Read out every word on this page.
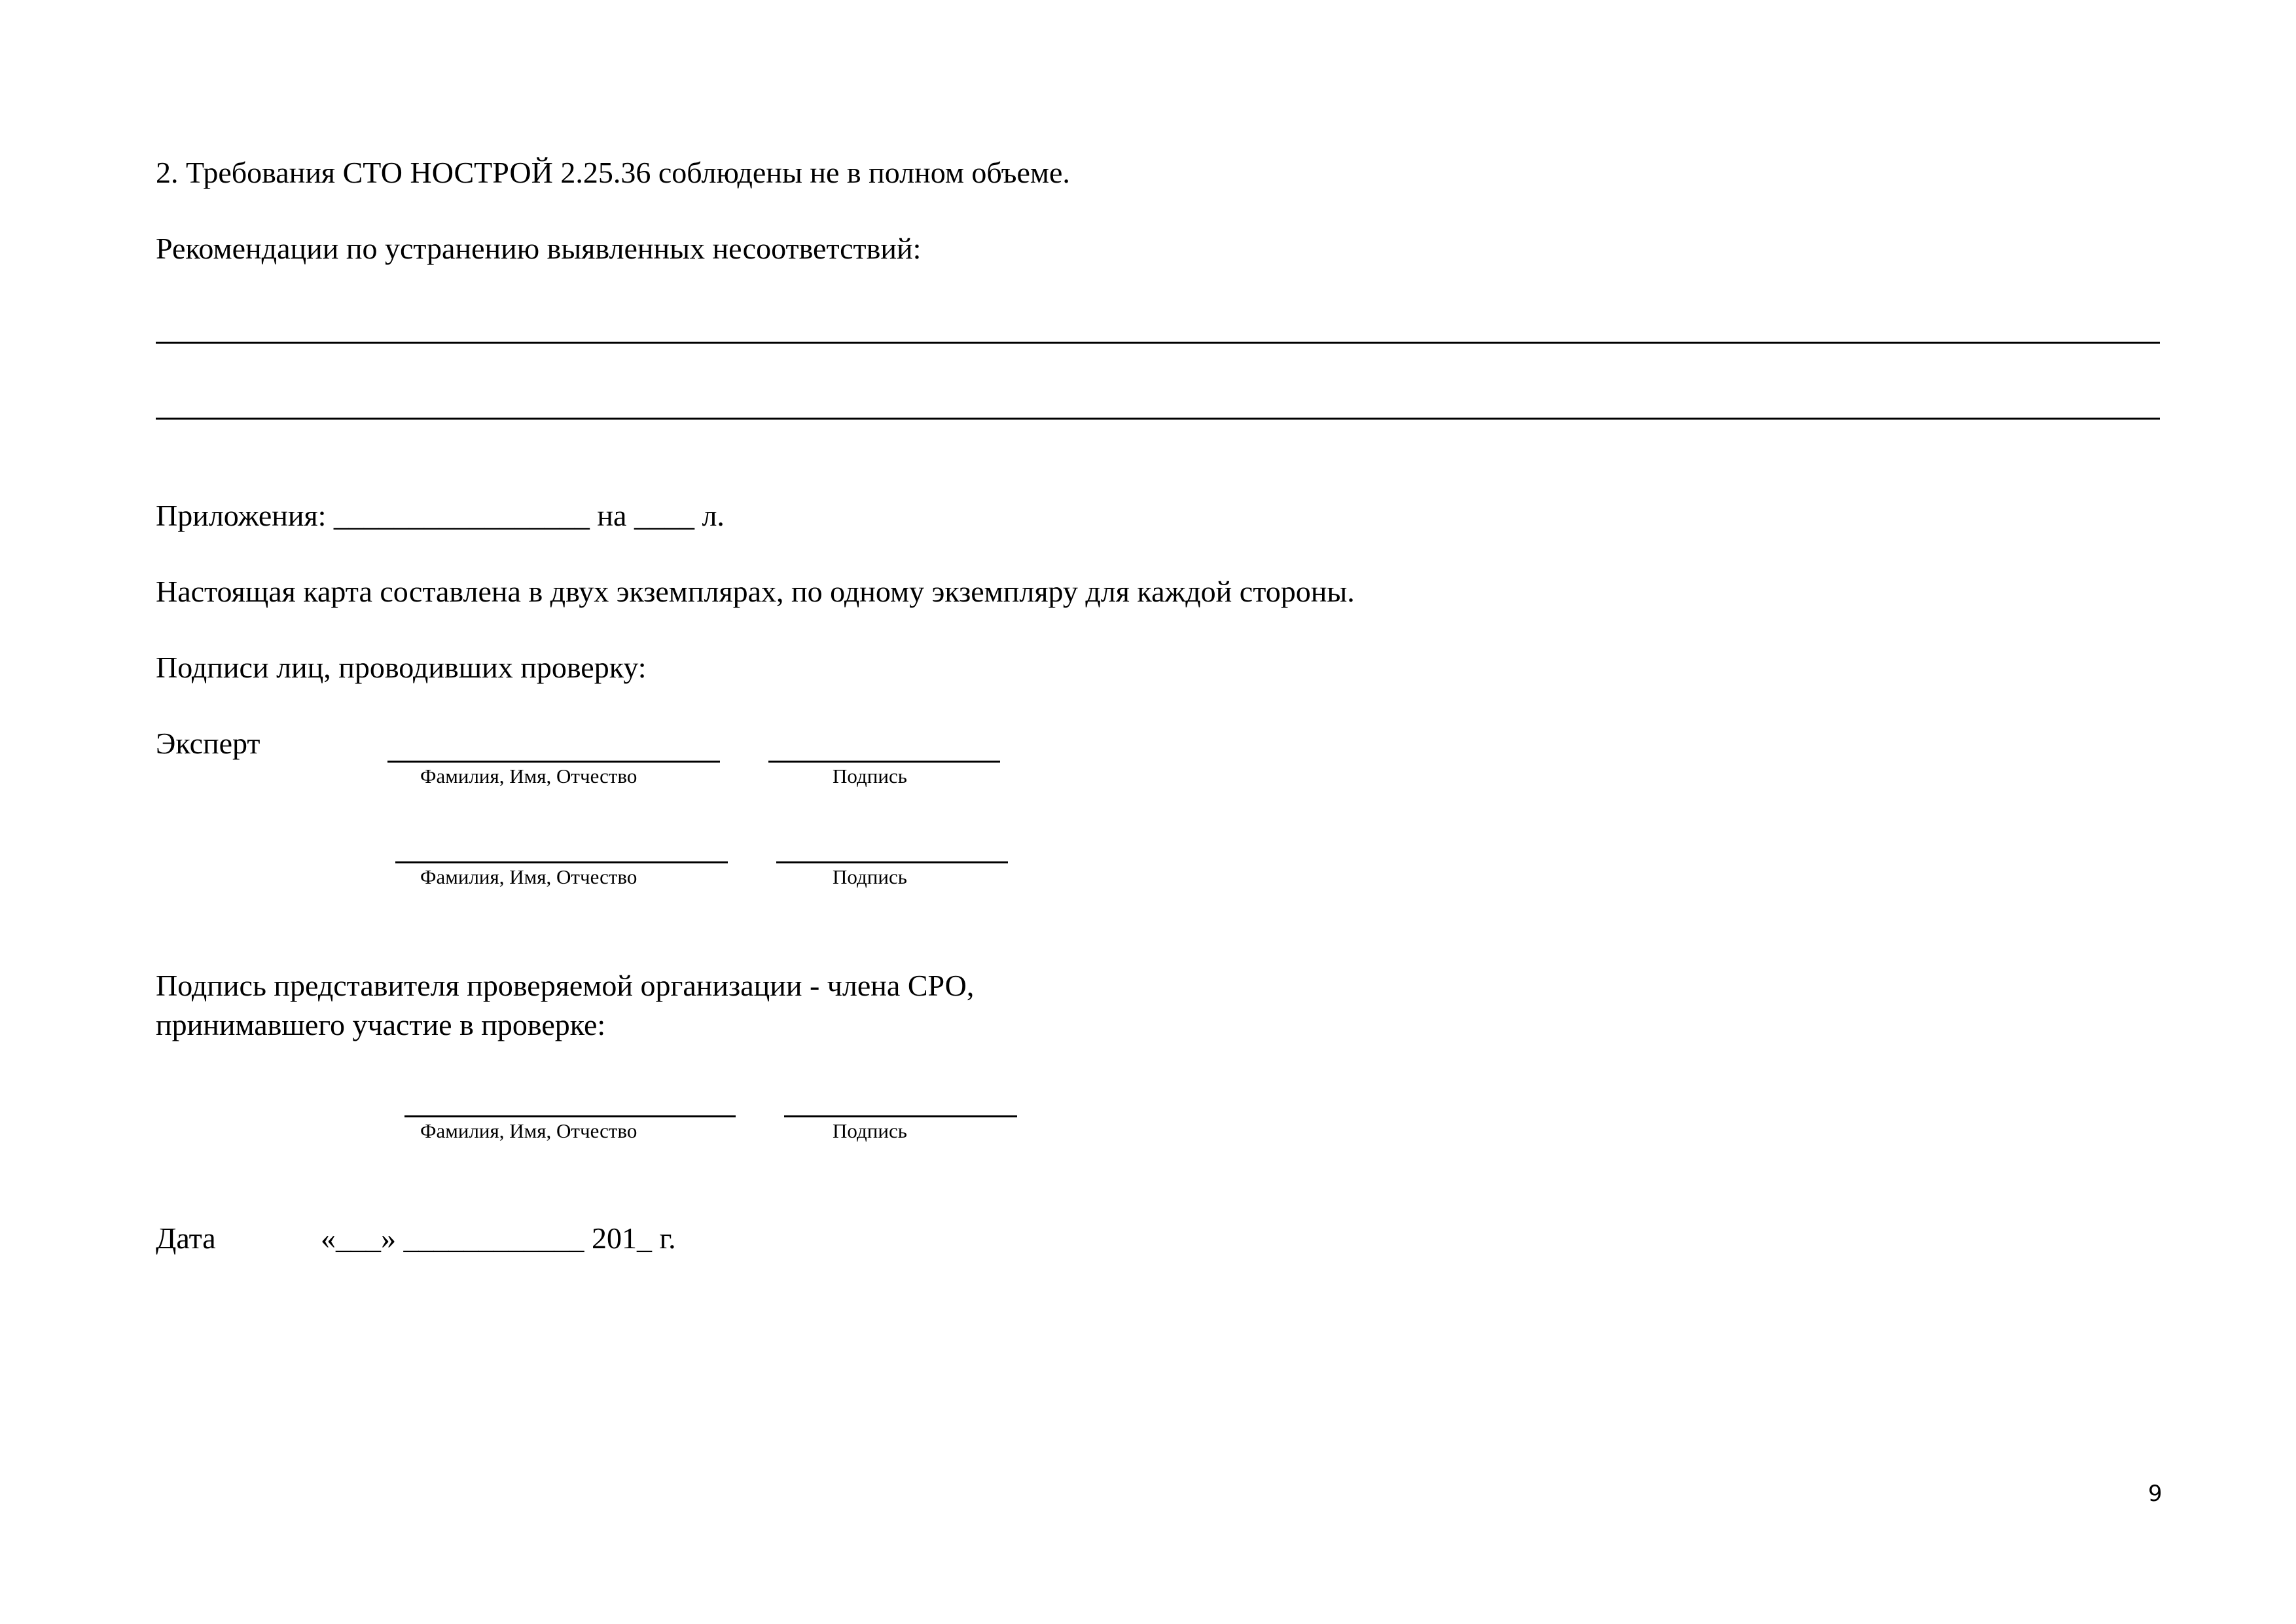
2. Требования СТО НОСТРОЙ 2.25.36 соблюдены не в полном объеме.
Рекомендации по устранению выявленных несоответствий:
Приложения: _________________ на ____ л.
Настоящая карта составлена в двух экземплярах, по одному экземпляру для каждой стороны.
Подписи лиц, проводивших проверку:
Эксперт
Фамилия, Имя, Отчество	Подпись
Фамилия, Имя, Отчество	Подпись
Подпись представителя проверяемой организации - члена СРО,
принимавшего участие в проверке:
Фамилия, Имя, Отчество	Подпись
Дата	«___» ____________ 201_ г.
9
